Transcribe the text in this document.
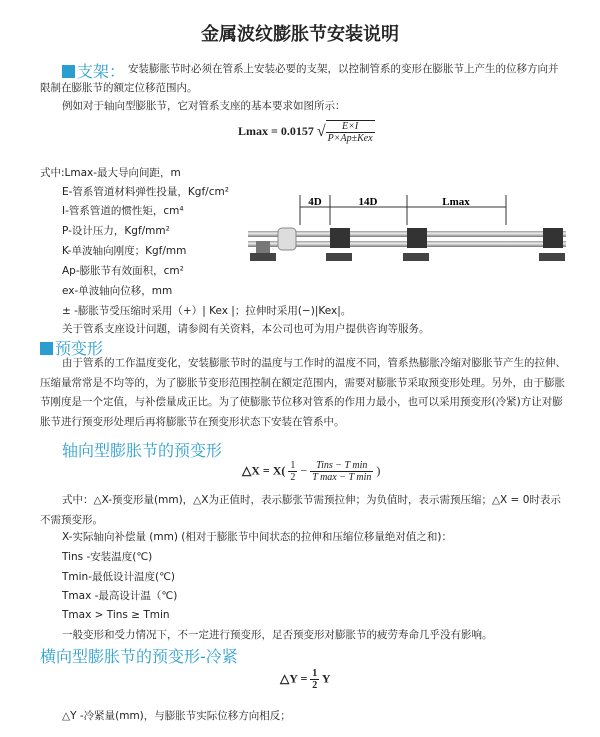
金属波纹膨胀节安装说明
支架： 安装膨胀节时必须在管系上安装必要的支架，以控制管系的变形在膨胀节上产生的位移方向并
限制在膨胀节的额定位移范围内。
例如对于轴向型膨胀节，它对管系支座的基本要求如图所示：
Lmax = 0.0157 √ $\frac{E\times I}{\text{P×Ap±Kex}}$
式中:Lmax-最大导向间距，m
E-管系管道材料弹性投量，Kgf/cm²
I-管系管道的惯性矩，cm⁴
P-设计压力，Kgf/mm²
K-单波轴向刚度；Kgf/mm
Ap-膨胀节有效面积，cm²
ex-单波轴向位移，mm
± -膨胀节受压缩时采用（+）| Kex |；拉伸时采用(−)|Kex|。
关于管系支座设计问题，请参阅有关资料，本公司也可为用户提供咨询等服务。
4D	14D	Lmax
预变形
由于管系的工作温度变化，安装膨胀节时的温度与工作时的温度不同，管系热膨胀冷缩对膨胀节产生的拉伸、压缩量常常是不均等的，为了膨胀节变形范围控制在额定范围内，需要对膨胀节采取预变形处理。另外，由于膨胀节刚度是一个定值，与补偿量成正比。为了使膨胀节位移对管系的作用力最小，也可以采用预变形(冷紧)方让对膨胀节进行预变形处理后再将膨胀节在预变形状态下安装在管系中。
轴向型膨胀节的预变形
△X = $X( \frac{1}{2} - \frac{\text{Tins − T min}}{\text{T max − T min}}$ )
式中：△X-预变形量(mm)，△X为正值时，表示膨张节需预拉伸；为负值时，表示需预压缩；△X = 0时表示不需预变形。
X-实际轴向补偿量 (mm) (相对于膨胀节中间状态的拉伸和压缩位移量绝对值之和)：
Tins -安装温度(℃)
Tmin-最低设计温度(℃)
Tmax -最高设计温（℃)
Tmax > Tins ≥ Tmin
一般变形和受力情况下，不一定进行预变形，足否预变形对膨胀节的疲劳寿命几乎没有影响。
横向型膨胀节的预变形-冷紧
△Y = $\frac{1}{2}$ Y
△Y -冷紧量(mm)，与膨胀节实际位移方向相反；
